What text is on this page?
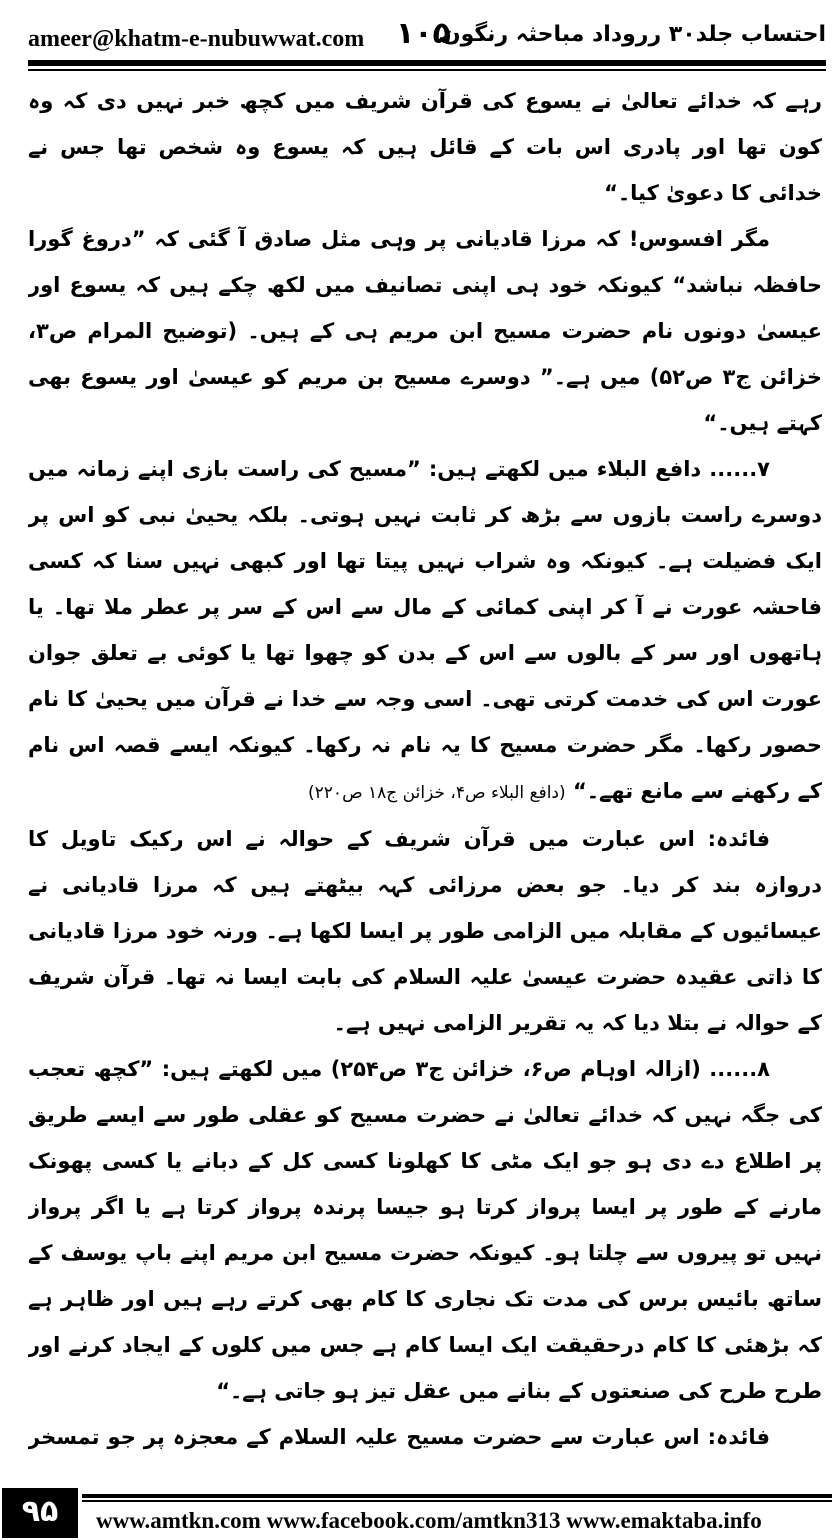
ameer@khatm-e-nubuwwat.com ۱۰۵
احتساب جلد۳۰ رروداد مباحثہ رنگون

رہے کہ خدائے تعالیٰ نے یسوع کی قرآن شریف میں کچھ خبر نہیں دی کہ وہ کون تھا اور پادری اس بات کے قائل ہیں کہ یسوع وہ شخص تھا جس نے خدائی کا دعویٰ کیا۔“

مگر افسوس! کہ مرزا قادیانی پر وہی مثل صادق آ گئی کہ ”دروغ گورا حافظہ نباشد“ کیونکہ خود ہی اپنی تصانیف میں لکھ چکے ہیں کہ یسوع اور عیسیٰ دونوں نام حضرت مسیح ابن مریم ہی کے ہیں۔ (توضیح المرام ص۳، خزائن ج۳ ص۵۲) میں ہے۔” دوسرے مسیح بن مریم کو عیسیٰ اور یسوع بھی کہتے ہیں۔“

۷...... دافع البلاء میں لکھتے ہیں: ”مسیح کی راست بازی اپنے زمانہ میں دوسرے راست بازوں سے بڑھ کر ثابت نہیں ہوتی۔ بلکہ یحییٰ نبی کو اس پر ایک فضیلت ہے۔ کیونکہ وہ شراب نہیں پیتا تھا اور کبھی نہیں سنا کہ کسی فاحشہ عورت نے آ کر اپنی کمائی کے مال سے اس کے سر پر عطر ملا تھا۔ یا ہاتھوں اور سر کے بالوں سے اس کے بدن کو چھوا تھا یا کوئی بے تعلق جوان عورت اس کی خدمت کرتی تھی۔ اسی وجہ سے خدا نے قرآن میں یحییٰ کا نام حصور رکھا۔ مگر حضرت مسیح کا یہ نام نہ رکھا۔ کیونکہ ایسے قصہ اس نام کے رکھنے سے مانع تھے۔“ (دافع البلاء ص۴، خزائن ج۱۸ ص۲۲۰)

فائدہ: اس عبارت میں قرآن شریف کے حوالہ نے اس رکیک تاویل کا دروازہ بند کر دیا۔ جو بعض مرزائی کہہ بیٹھتے ہیں کہ مرزا قادیانی نے عیسائیوں کے مقابلہ میں الزامی طور پر ایسا لکھا ہے۔ ورنہ خود مرزا قادیانی کا ذاتی عقیدہ حضرت عیسیٰ علیہ السلام کی بابت ایسا نہ تھا۔ قرآن شریف کے حوالہ نے بتلا دیا کہ یہ تقریر الزامی نہیں ہے۔

۸...... (ازالہ اوہام ص۶، خزائن ج۳ ص۲۵۴) میں لکھتے ہیں: ”کچھ تعجب کی جگہ نہیں کہ خدائے تعالیٰ نے حضرت مسیح کو عقلی طور سے ایسے طریق پر اطلاع دے دی ہو جو ایک مٹی کا کھلونا کسی کل کے دبانے یا کسی پھونک مارنے کے طور پر ایسا پرواز کرتا ہو جیسا پرندہ پرواز کرتا ہے یا اگر پرواز نہیں تو پیروں سے چلتا ہو۔ کیونکہ حضرت مسیح ابن مریم اپنے باپ یوسف کے ساتھ بائیس برس کی مدت تک نجاری کا کام بھی کرتے رہے ہیں اور ظاہر ہے کہ بڑھئی کا کام درحقیقت ایک ایسا کام ہے جس میں کلوں کے ایجاد کرنے اور طرح طرح کی صنعتوں کے بنانے میں عقل تیز ہو جاتی ہے۔“

فائدہ: اس عبارت سے حضرت مسیح علیہ السلام کے معجزہ پر جو تمسخر

۹۵	www.amtkn.com www.facebook.com/amtkn313 www.emaktaba.info
